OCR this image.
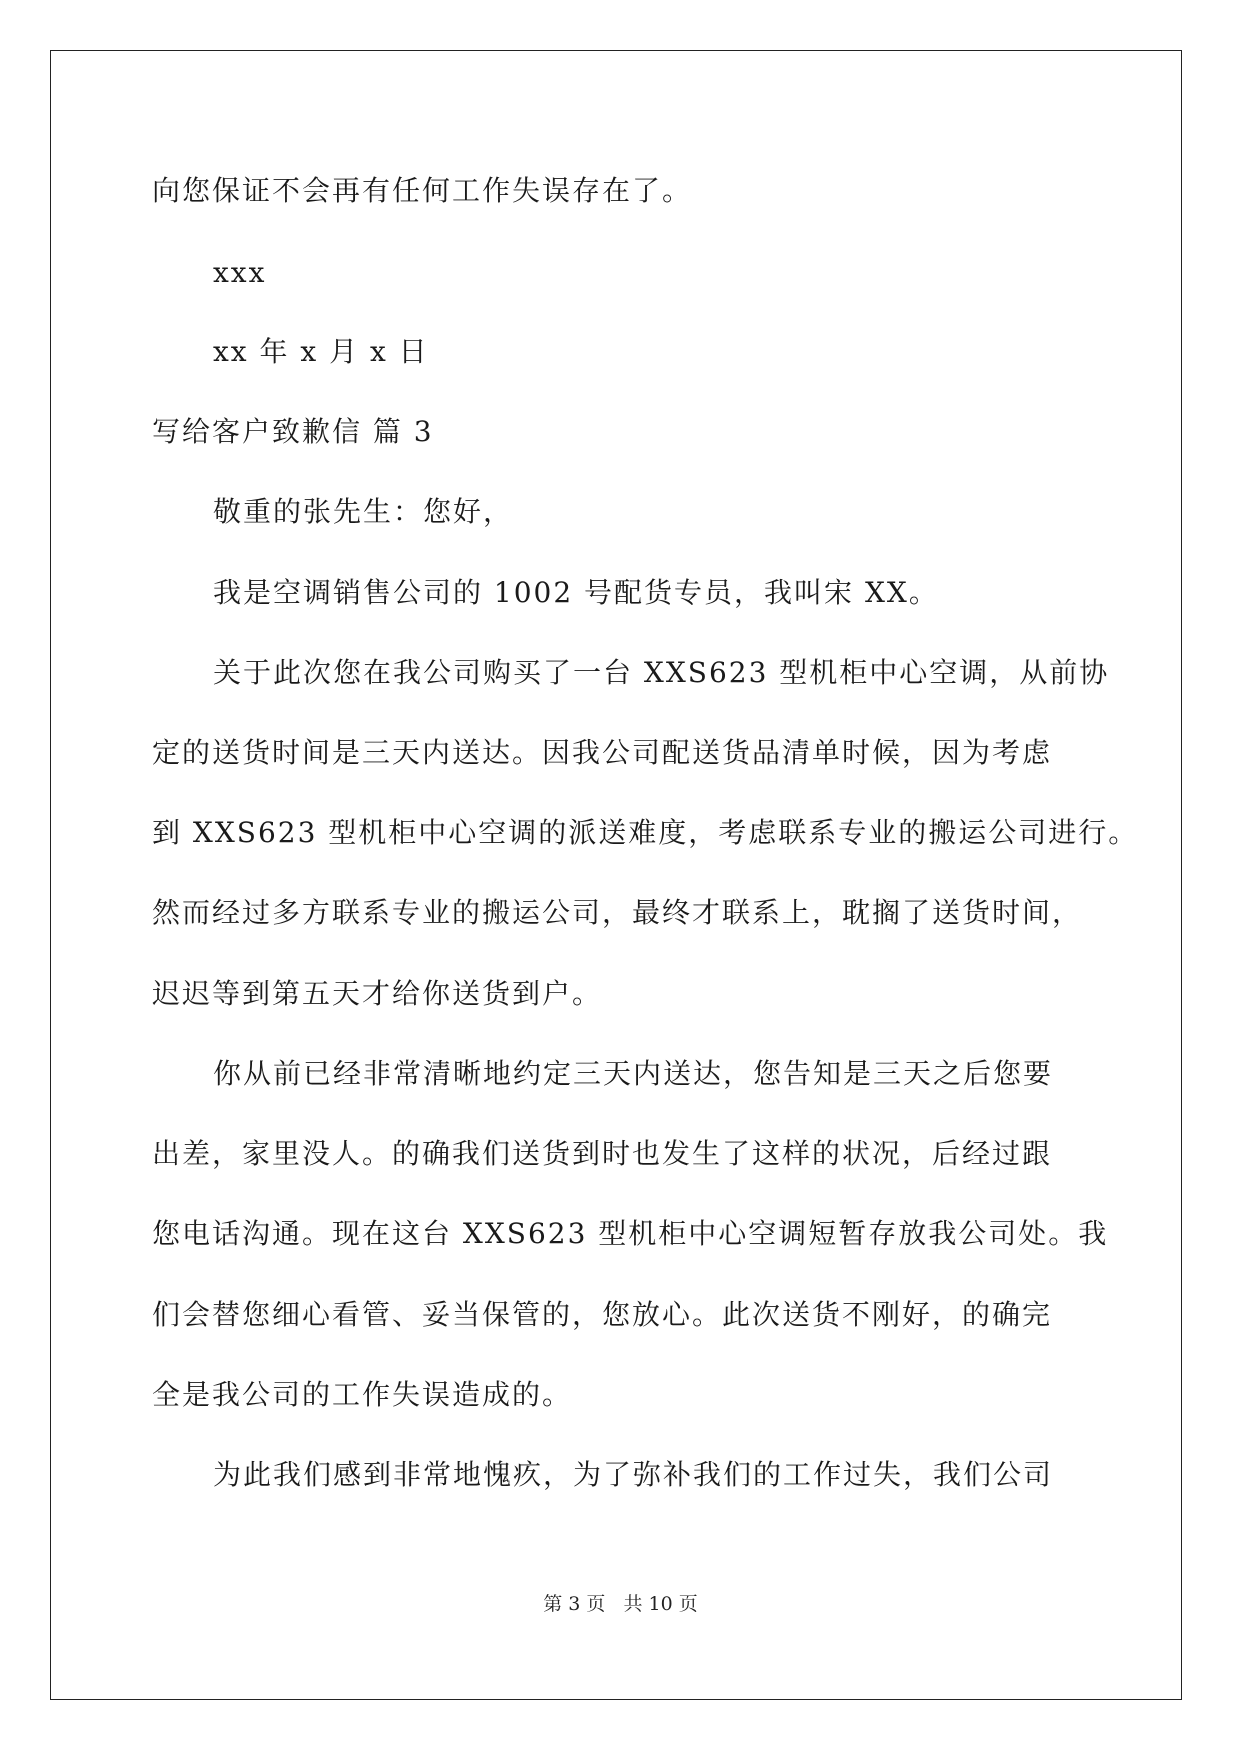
向您保证不会再有任何工作失误存在了。
xxx
xx 年 x 月 x 日
写给客户致歉信 篇 3
敬重的张先生：您好，
我是空调销售公司的 1002 号配货专员，我叫宋 XX。
关于此次您在我公司购买了一台 XXS623 型机柜中心空调，从前协
定的送货时间是三天内送达。因我公司配送货品清单时候，因为考虑
到 XXS623 型机柜中心空调的派送难度，考虑联系专业的搬运公司进行。
然而经过多方联系专业的搬运公司，最终才联系上，耽搁了送货时间，
迟迟等到第五天才给你送货到户。
你从前已经非常清晰地约定三天内送达，您告知是三天之后您要
出差，家里没人。的确我们送货到时也发生了这样的状况，后经过跟
您电话沟通。现在这台 XXS623 型机柜中心空调短暂存放我公司处。我
们会替您细心看管、妥当保管的，您放心。此次送货不刚好，的确完
全是我公司的工作失误造成的。
为此我们感到非常地愧疚，为了弥补我们的工作过失，我们公司
第 3 页 共 10 页
